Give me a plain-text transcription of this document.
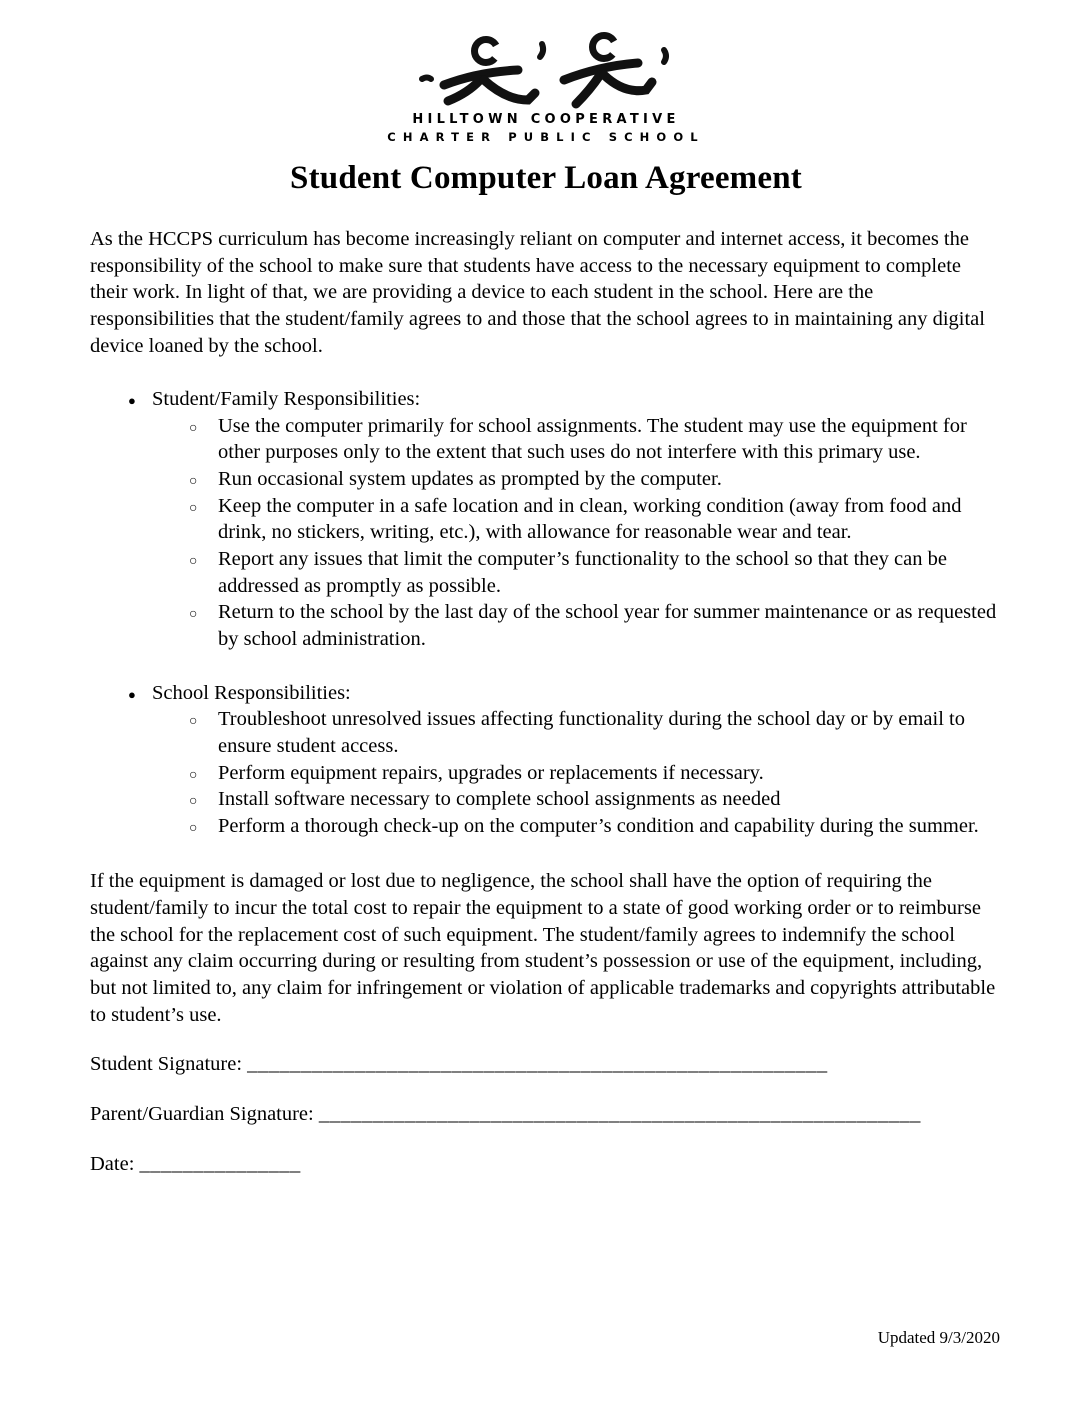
HILLTOWN COOPERATIVE
CHARTER PUBLIC SCHOOL
Student Computer Loan Agreement
As the HCCPS curriculum has become increasingly reliant on computer and internet access, it becomes the responsibility of the school to make sure that students have access to the necessary equipment to complete their work. In light of that, we are providing a device to each student in the school. Here are the responsibilities that the student/family agrees to and those that the school agrees to in maintaining any digital device loaned by the school.
● Student/Family Responsibilities:
○	Use the computer primarily for school assignments. The student may use the equipment for other purposes only to the extent that such uses do not interfere with this primary use.
○	Run occasional system updates as prompted by the computer.
○	Keep the computer in a safe location and in clean, working condition (away from food and drink, no stickers, writing, etc.), with allowance for reasonable wear and tear.
○	Report any issues that limit the computer’s functionality to the school so that they can be addressed as promptly as possible.
○	Return to the school by the last day of the school year for summer maintenance or as requested by school administration.
● School Responsibilities:
○	Troubleshoot unresolved issues affecting functionality during the school day or by email to ensure student access.
○	Perform equipment repairs, upgrades or replacements if necessary.
○	Install software necessary to complete school assignments as needed
○	Perform a thorough check-up on the computer’s condition and capability during the summer.
If the equipment is damaged or lost due to negligence, the school shall have the option of requiring the student/family to incur the total cost to repair the equipment to a state of good working order or to reimburse the school for the replacement cost of such equipment. The student/family agrees to indemnify the school against any claim occurring during or resulting from student’s possession or use of the equipment, including, but not limited to, any claim for infringement or violation of applicable trademarks and copyrights attributable to student’s use.
Student Signature: ______________________________________________________
Parent/Guardian Signature: ________________________________________________________
Date: _______________
Updated 9/3/2020
